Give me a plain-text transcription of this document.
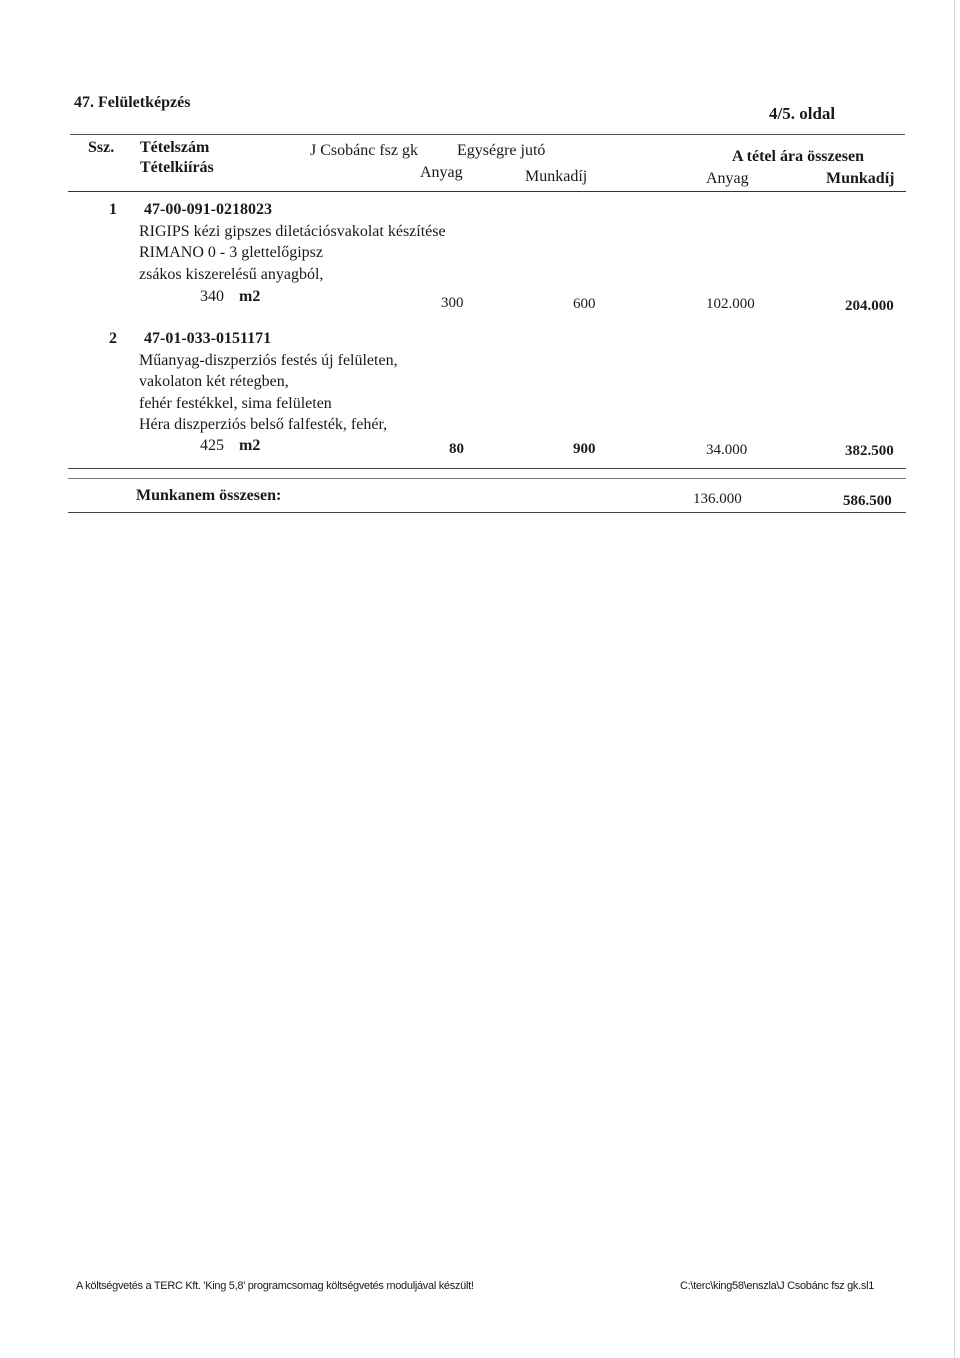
47. Felületképzés
4/5. oldal
Ssz. Tételszám
Tételkiírás
J Csobánc fsz gk Egységre jutó
Anyag	Munkadíj
A tétel ára összesen
Anyag	Munkadíj
1 47-00-091-0218023
RIGIPS kézi gipszes diletációsvakolat készítése
RIMANO 0 - 3 glettelőgipsz
zsákos kiszerelésű anyagból,
340 m2	300	600	102.000	204.000
2 47-01-033-0151171
Műanyag-diszperziós festés új felületen,
vakolaton két rétegben,
fehér festékkel, sima felületen
Héra diszperziós belső falfesték, fehér,
425 m2	80	900	34.000	382.500
Munkanem összesen:	136.000	586.500
A költségvetés a TERC Kft. 'King 5,8' programcsomag költségvetés moduljával készült!	C:\terc\king58\enszla\J Csobánc fsz gk.sl1
